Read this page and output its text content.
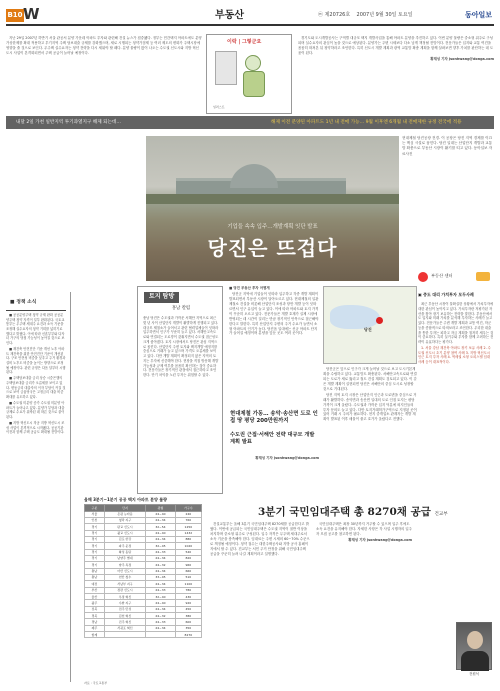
B10 W	부동산	ⓦ 제20726호 2007년 9월 30일 토요일	동아일보

지난 29일 2007년 하반기 서울 관공서 분양 가운데 아파트 투자와 관련해 건설 뉴스가 집중됐다. 정부는 민간택지 아파트에도 분양가상한제를 확대 적용하고 투기지역 주택 담보대출 규제를 강화했으며, 새로 시행되는 청약가점제 등 여러 제도의 변화가 주택시장에 영향을 줄 것으로 보인다. 무주택 실수요자는 청약 전략을 다시 세워야 할 때다. 분양 물량이 많이 나오는 수도권 신도시와 지방 혁신도시 사업이 본격화되면서 주택 공급이 늘어날 예정이다.

경기도와 도시개발공사는 구역별 대규모 택지 개발사업을 통해 아파트 분양을 추진하고 있다. 이번 분양 물량은 중소형 위주로 구성되며 실수요자의 관심이 높을 것으로 예상된다. 분양가는 주변 시세보다 다소 낮게 책정될 전망이다. 전문가들은 입지와 교통 여건을 꼼꼼히 따져본 뒤 청약하라고 조언한다. 특히 신도시 개발 계획과 광역 교통망 확충 계획을 함께 살펴보면 향후 가치를 판단하는 데 도움이 된다.

황재성 기자 jsonhwang@donga.com

이락 | 그렇군요
일러스트
내달 2일 가천 일반지역 투기과열지구 해제 되는데…	해제 이전 분양된 아파트도 1년 내 전매 가능… 9월 이후엔 6개월 내 전매제한 규정 전국에 적용
■ 정책 소식

■ 공공분양주택 청약 규제 완화 공공분양주택 청약 자격이 일부 완화된다. 국토교통부는 무주택 세대주 요건과 소득 기준을 조정해 실수요자의 청약 기회를 넓히기로 했다고 밝혔다. 이에 따라 신혼부부와 다자녀 가구의 당첨 가능성이 높아질 것으로 보인다.

■ 재건축 안전진단 기준 개선 노후 아파트 재건축을 위한 안전진단 기준이 개선된다. 구조 안전성 비중을 낮추고 주거 환경과 설비 노후도 비중을 높이는 방향으로 조정될 예정이다. 관련 규정은 다음 달부터 시행된다.

■ 주택담보대출 금리 상승 시중은행의 주택담보대출 금리가 오름세를 보이고 있다. 변동금리 대출자의 이자 부담이 커질 것으로 보여 금융당국은 고정금리 대출 비중 확대를 유도하고 있다.

■ 수도권 미분양 증가 수도권 미분양 아파트가 늘어나고 있다. 분양가 부담과 대출 규제로 수요가 위축된 데 따른 것으로 풀이된다.

■ 지방 혁신도시 착공 지방 혁신도시 조성 사업이 본격적으로 시작됐다. 공공기관 이전과 함께 주택 공급도 확대될 전망이다.

기업들 속속 입주…개발계획 잇단 발표
당진은 뜨겁다
현대제철 당진공장 전경. 이 공장은 당진 지역 경제를 이끄는 핵심 시설로 꼽힌다. 당진 일대는 산업단지 개발과 교통망 확충으로 부동산 시장이 활기를 띠고 있다. 동아일보 자료사진
부동산 센터
토지 탐방
홍남 칼럼
충남 당진은 수도권과 가까운 서해안 지역으로 최근 몇 년 사이 산업단지 개발이 활발하게 진행되고 있다. 대규모 제철소가 들어서고 관련 협력업체들이 잇따라 입주하면서 인구가 꾸준히 늘고 있다. 서해안고속도로와 연결되는 도로망이 갖춰지면서 수도권 접근성도 크게 좋아졌다. 토지 시장에서도 당진은 관심 지역으로 꼽힌다. 산업단지 주변 토지와 택지개발 예정지를 중심으로 거래가 늘고 있으며 가격도 오름세를 보이고 있다. 다만 개발 계획이 확정되지 않은 지역의 토지는 투자에 신중해야 한다. 현장을 직접 방문해 개발 가능성과 규제 여부를 꼼꼼히 확인하는 것이 중요하다. 전문가들은 장기적인 관점에서 접근하라고 조언한다. 단기 차익을 노린 투자는 위험할 수 있다.

■ 당진 부동산 투자 어떻게

당진군 지역에 기업들이 잇따라 입주하고 각종 개발 계획이 발표되면서 부동산 시장이 달아오르고 있다. 현대제철의 일관제철소 건설을 비롯해 산업단지 조성과 항만 개발 등이 잇따르면서 인구 유입이 늘고 있다. 이에 따라 아파트와 토지 가격이 꾸준히 오르고 있다. 전문가들은 개발 호재가 실제 시장에 반영되는 데 시간이 걸리는 만큼 장기적인 안목으로 접근해야 한다고 말한다. 특히 산업단지 주변의 주거 수요가 늘면서 소형 아파트의 인기가 높다. 당진읍 일대에는 신규 아파트 단지가 들어설 예정이며 분양을 앞둔 곳도 여러 곳이다.

당진

당진군은 앞으로 인구가 크게 늘어날 것으로 보고 도시기본계획을 수립하고 있다. 교통망도 확충된다. 서해안고속도로와 연결되는 도로가 새로 뚫리고 철도 건설 계획도 검토되고 있다. 이 같은 개발 계획이 실현되면 당진은 서해안의 중심 도시로 성장할 것으로 기대된다.

당진 지역 토지 시장은 산업단지 인근과 도로변을 중심으로 거래가 활발하다. 송악면과 송산면 일대의 도로 인접 토지는 평당 가격이 크게 올랐다. 수도권과 가까운 입지 덕분에 외지인들의 투자 문의도 늘고 있다. 다만 토지거래허가구역으로 지정된 곳이 있어 거래 시 주의가 필요하다. 현지 중개업소 관계자는 개발 계획이 발표된 이후 매물이 줄고 호가가 올랐다고 전했다.

현대제철 가동… 송악·송산면 도로 인접 땅 평당 200만원까지
수도권 근접·서해안 전략 대규모 개발 계획 발표

황재성 기자 jsonhwang@donga.com

▣ 중도 대리 가치투자 모두사례

최근 부동산 시장이 불확실한 상황에서 가치투자에 대한 관심이 높아지고 있다. 가치투자란 저평가된 자산을 찾아 장기 보유하는 전략을 말한다. 부동산에서도 입지와 미래 가치를 분석해 투자하는 사례가 늘고 있다. 전문가들은 주변 개발 계획과 교통 여건, 학군 등을 종합적으로 따져보라고 조언한다. 무리한 대출을 통한 투자는 피하고 자금 계획을 철저히 세우는 것이 중요하다. 특히 실거주와 투자를 함께 고려하는 전략이 유효하다는 평가다.

1. 서울 강남 재건축 아파트 장기 보유 사례 2. 수도권 신도시 초기 분양 참여 사례 3. 지방 혁신도시 인근 토지 투자 사례 4. 역세권 소형 오피스텔 임대 사례 등이 대표적이다.

전원석
올해 3분기~1분기 공공 택지 아파트 분양 물량
구분	단지	평형	가구수
서울	은평 뉴타운	24~40	240
인천	청라 지구	24~34	760
경기	판교 신도시	32~54	1250
경기	광교 신도시	24~40	1432
경기	김포 한강	24~34	880
경기	파주 운정	32~45	1020
경기	화성 동탄	24~33	540
경기	남양주 별내	24~34	820
경기	양주 옥정	24~32	960
충남	아산 신도시	24~34	660
충남	천안 청수	33~45	510
대전	서남부 지구	24~34	1100
부산	정관 신도시	24~33	780
울산	우정 혁신	32~40	430
광주	수완 지구	24~40	920
전북	전주 만성	24~34	450
경북	김천 혁신	24~32	380
경남	진주 혁신	24~33	600
제주	서귀포 혁신	24~34	350
합계			8270
자료 : 국토교통부
3분기 국민임대주택 총 8270채 공급 건교부

건설교통부는 올해 3분기 국민임대주택 8270채를 공급한다고 밝혔다. 이번에 공급되는 국민임대주택은 수도권 지역이 절반 이상을 차지하며 중소형 위주로 구성된다. 입주 자격은 무주택 세대주로서 소득 기준을 충족해야 한다. 임대료는 주변 시세의 60~70% 수준으로 책정될 예정이다. 청약 접수는 대한주택공사와 지방 공사 홈페이지에서 할 수 있다. 건교부는 서민 주거 안정을 위해 국민임대주택 공급을 꾸준히 늘려 나갈 계획이라고 설명했다.

국민임대주택은 최장 30년까지 거주할 수 있으며 입주 후에도 소득 요건을 유지해야 한다. 자세한 사항은 각 사업 시행자의 입주자 모집 공고를 참고하면 된다.

황재성 기자 jsonhwang@donga.com
